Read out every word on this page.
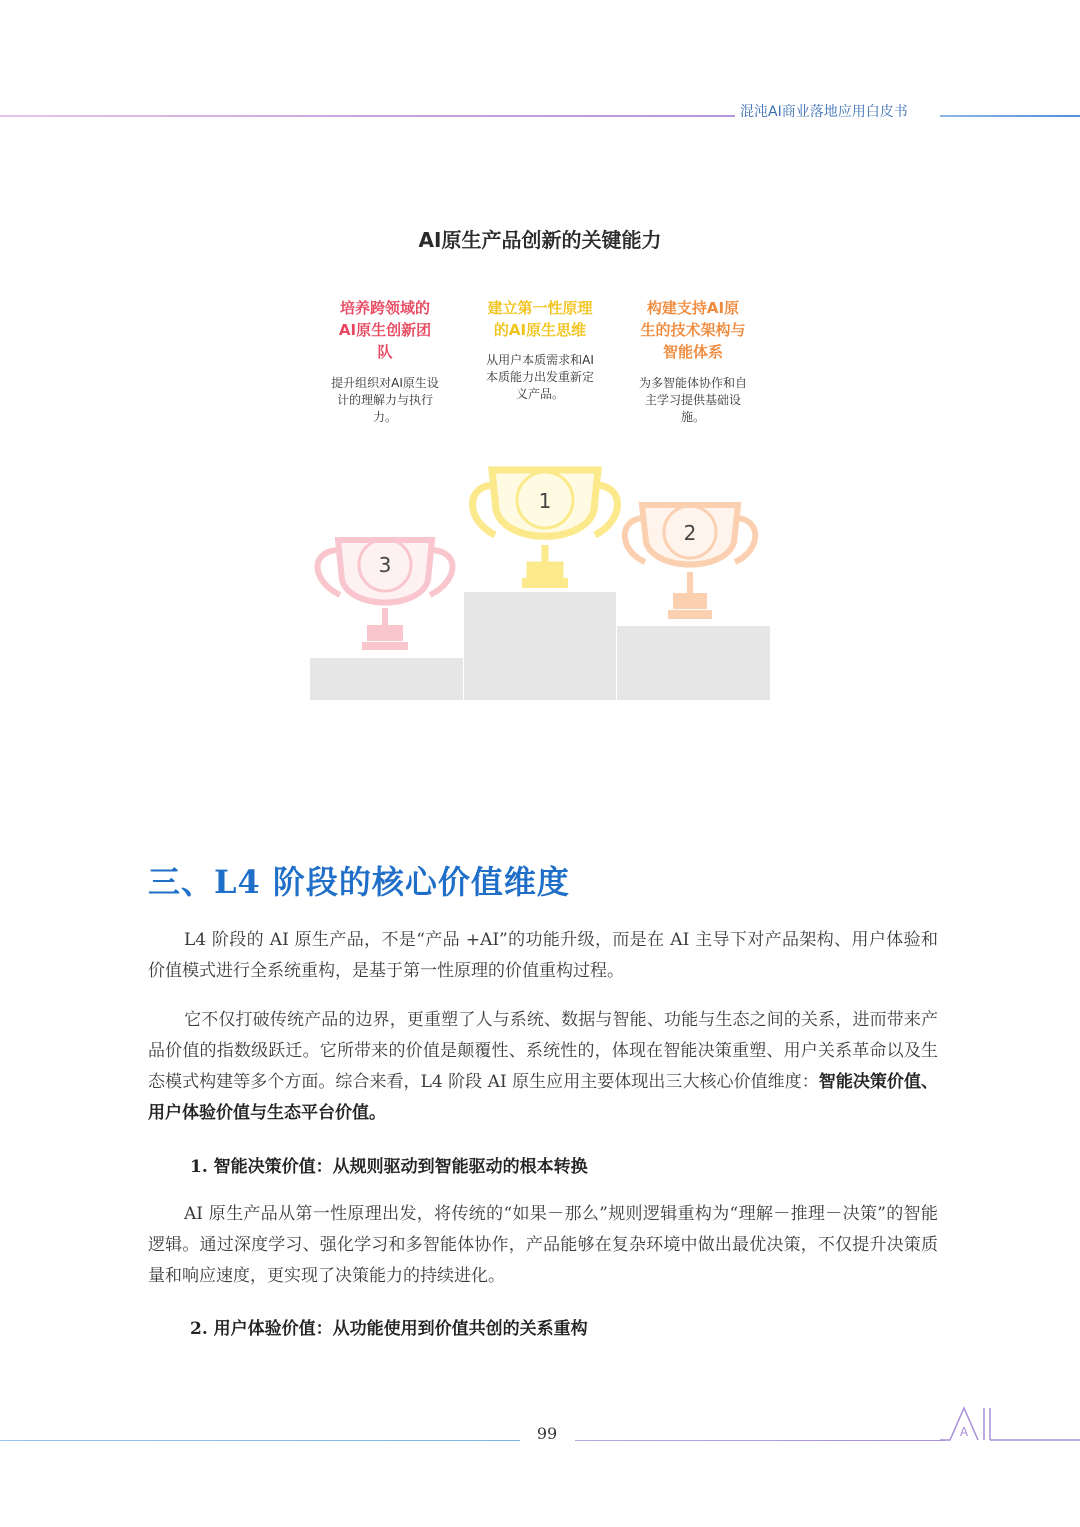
混沌AI商业落地应用白皮书
AI原生产品创新的关键能力
培养跨领域的
AI原生创新团
队
提升组织对AI原生设
计的理解力与执行
力。
建立第一性原理
的AI原生思维
从用户本质需求和AI
本质能力出发重新定
义产品。
构建支持AI原
生的技术架构与
智能体系
为多智能体协作和自
主学习提供基础设
施。
3
1
2
三、L4 阶段的核心价值维度
L4 阶段的 AI 原生产品，不是“产品 +AI”的功能升级，而是在 AI 主导下对产品架构、用户体验和价值模式进行全系统重构，是基于第一性原理的价值重构过程。
它不仅打破传统产品的边界，更重塑了人与系统、数据与智能、功能与生态之间的关系，进而带来产品价值的指数级跃迁。它所带来的价值是颠覆性、系统性的，体现在智能决策重塑、用户关系革命以及生态模式构建等多个方面。综合来看，L4 阶段 AI 原生应用主要体现出三大核心价值维度：智能决策价值、用户体验价值与生态平台价值。
1. 智能决策价值：从规则驱动到智能驱动的根本转换
AI 原生产品从第一性原理出发，将传统的“如果－那么”规则逻辑重构为“理解－推理－决策”的智能逻辑。通过深度学习、强化学习和多智能体协作，产品能够在复杂环境中做出最优决策，不仅提升决策质量和响应速度，更实现了决策能力的持续进化。
2. 用户体验价值：从功能使用到价值共创的关系重构
99	A
